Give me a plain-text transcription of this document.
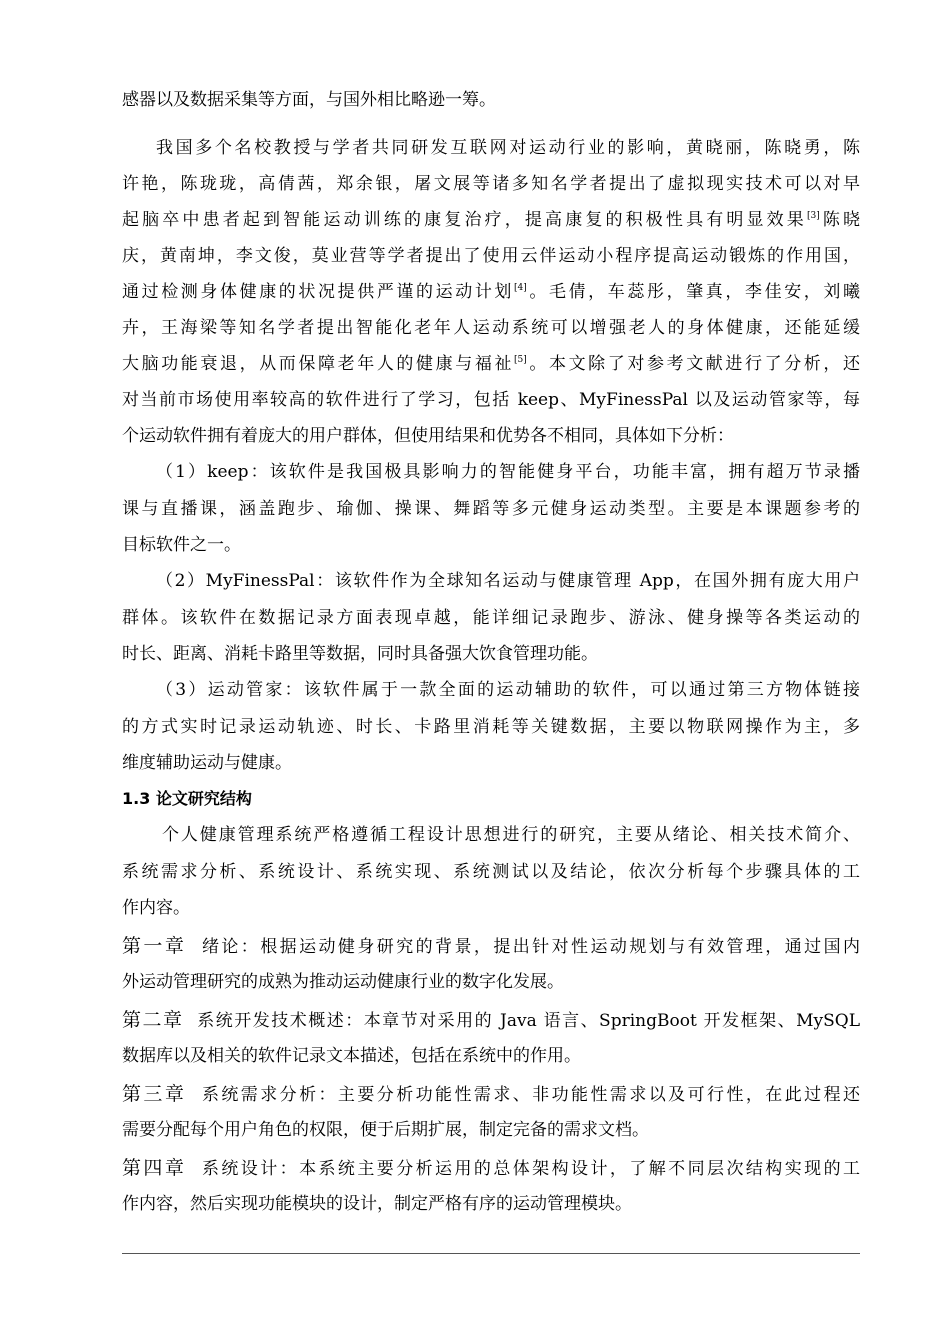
感器以及数据采集等方面，与国外相比略逊一筹。
我国多个名校教授与学者共同研发互联网对运动行业的影响，黄晓丽，陈晓勇，陈
许艳，陈珑珑，高倩茜，郑余银，屠文展等诸多知名学者提出了虚拟现实技术可以对早
起脑卒中患者起到智能运动训练的康复治疗，提高康复的积极性具有明显效果[3]陈晓
庆，黄南坤，李文俊，莫业营等学者提出了使用云伴运动小程序提高运动锻炼的作用国，
通过检测身体健康的状况提供严谨的运动计划[4]。毛倩，车蕊彤，肇真，李佳安，刘曦
卉，王海梁等知名学者提出智能化老年人运动系统可以增强老人的身体健康，还能延缓
大脑功能衰退，从而保障老年人的健康与福祉[5]。本文除了对参考文献进行了分析，还
对当前市场使用率较高的软件进行了学习，包括 keep、MyFinessPal 以及运动管家等，每
个运动软件拥有着庞大的用户群体，但使用结果和优势各不相同，具体如下分析：
（1）keep：该软件是我国极具影响力的智能健身平台，功能丰富，拥有超万节录播
课与直播课，涵盖跑步、瑜伽、操课、舞蹈等多元健身运动类型。主要是本课题参考的
目标软件之一。
（2）MyFinessPal：该软件作为全球知名运动与健康管理 App，在国外拥有庞大用户
群体。该软件在数据记录方面表现卓越，能详细记录跑步、游泳、健身操等各类运动的
时长、距离、消耗卡路里等数据，同时具备强大饮食管理功能。
（3）运动管家：该软件属于一款全面的运动辅助的软件，可以通过第三方物体链接
的方式实时记录运动轨迹、时长、卡路里消耗等关键数据，主要以物联网操作为主，多
维度辅助运动与健康。
1.3 论文研究结构
个人健康管理系统严格遵循工程设计思想进行的研究，主要从绪论、相关技术简介、
系统需求分析、系统设计、系统实现、系统测试以及结论，依次分析每个步骤具体的工
作内容。
第一章 绪论：根据运动健身研究的背景，提出针对性运动规划与有效管理，通过国内
外运动管理研究的成熟为推动运动健康行业的数字化发展。
第二章 系统开发技术概述：本章节对采用的 Java 语言、SpringBoot 开发框架、MySQL
数据库以及相关的软件记录文本描述，包括在系统中的作用。
第三章 系统需求分析：主要分析功能性需求、非功能性需求以及可行性，在此过程还
需要分配每个用户角色的权限，便于后期扩展，制定完备的需求文档。
第四章 系统设计：本系统主要分析运用的总体架构设计，了解不同层次结构实现的工
作内容，然后实现功能模块的设计，制定严格有序的运动管理模块。
